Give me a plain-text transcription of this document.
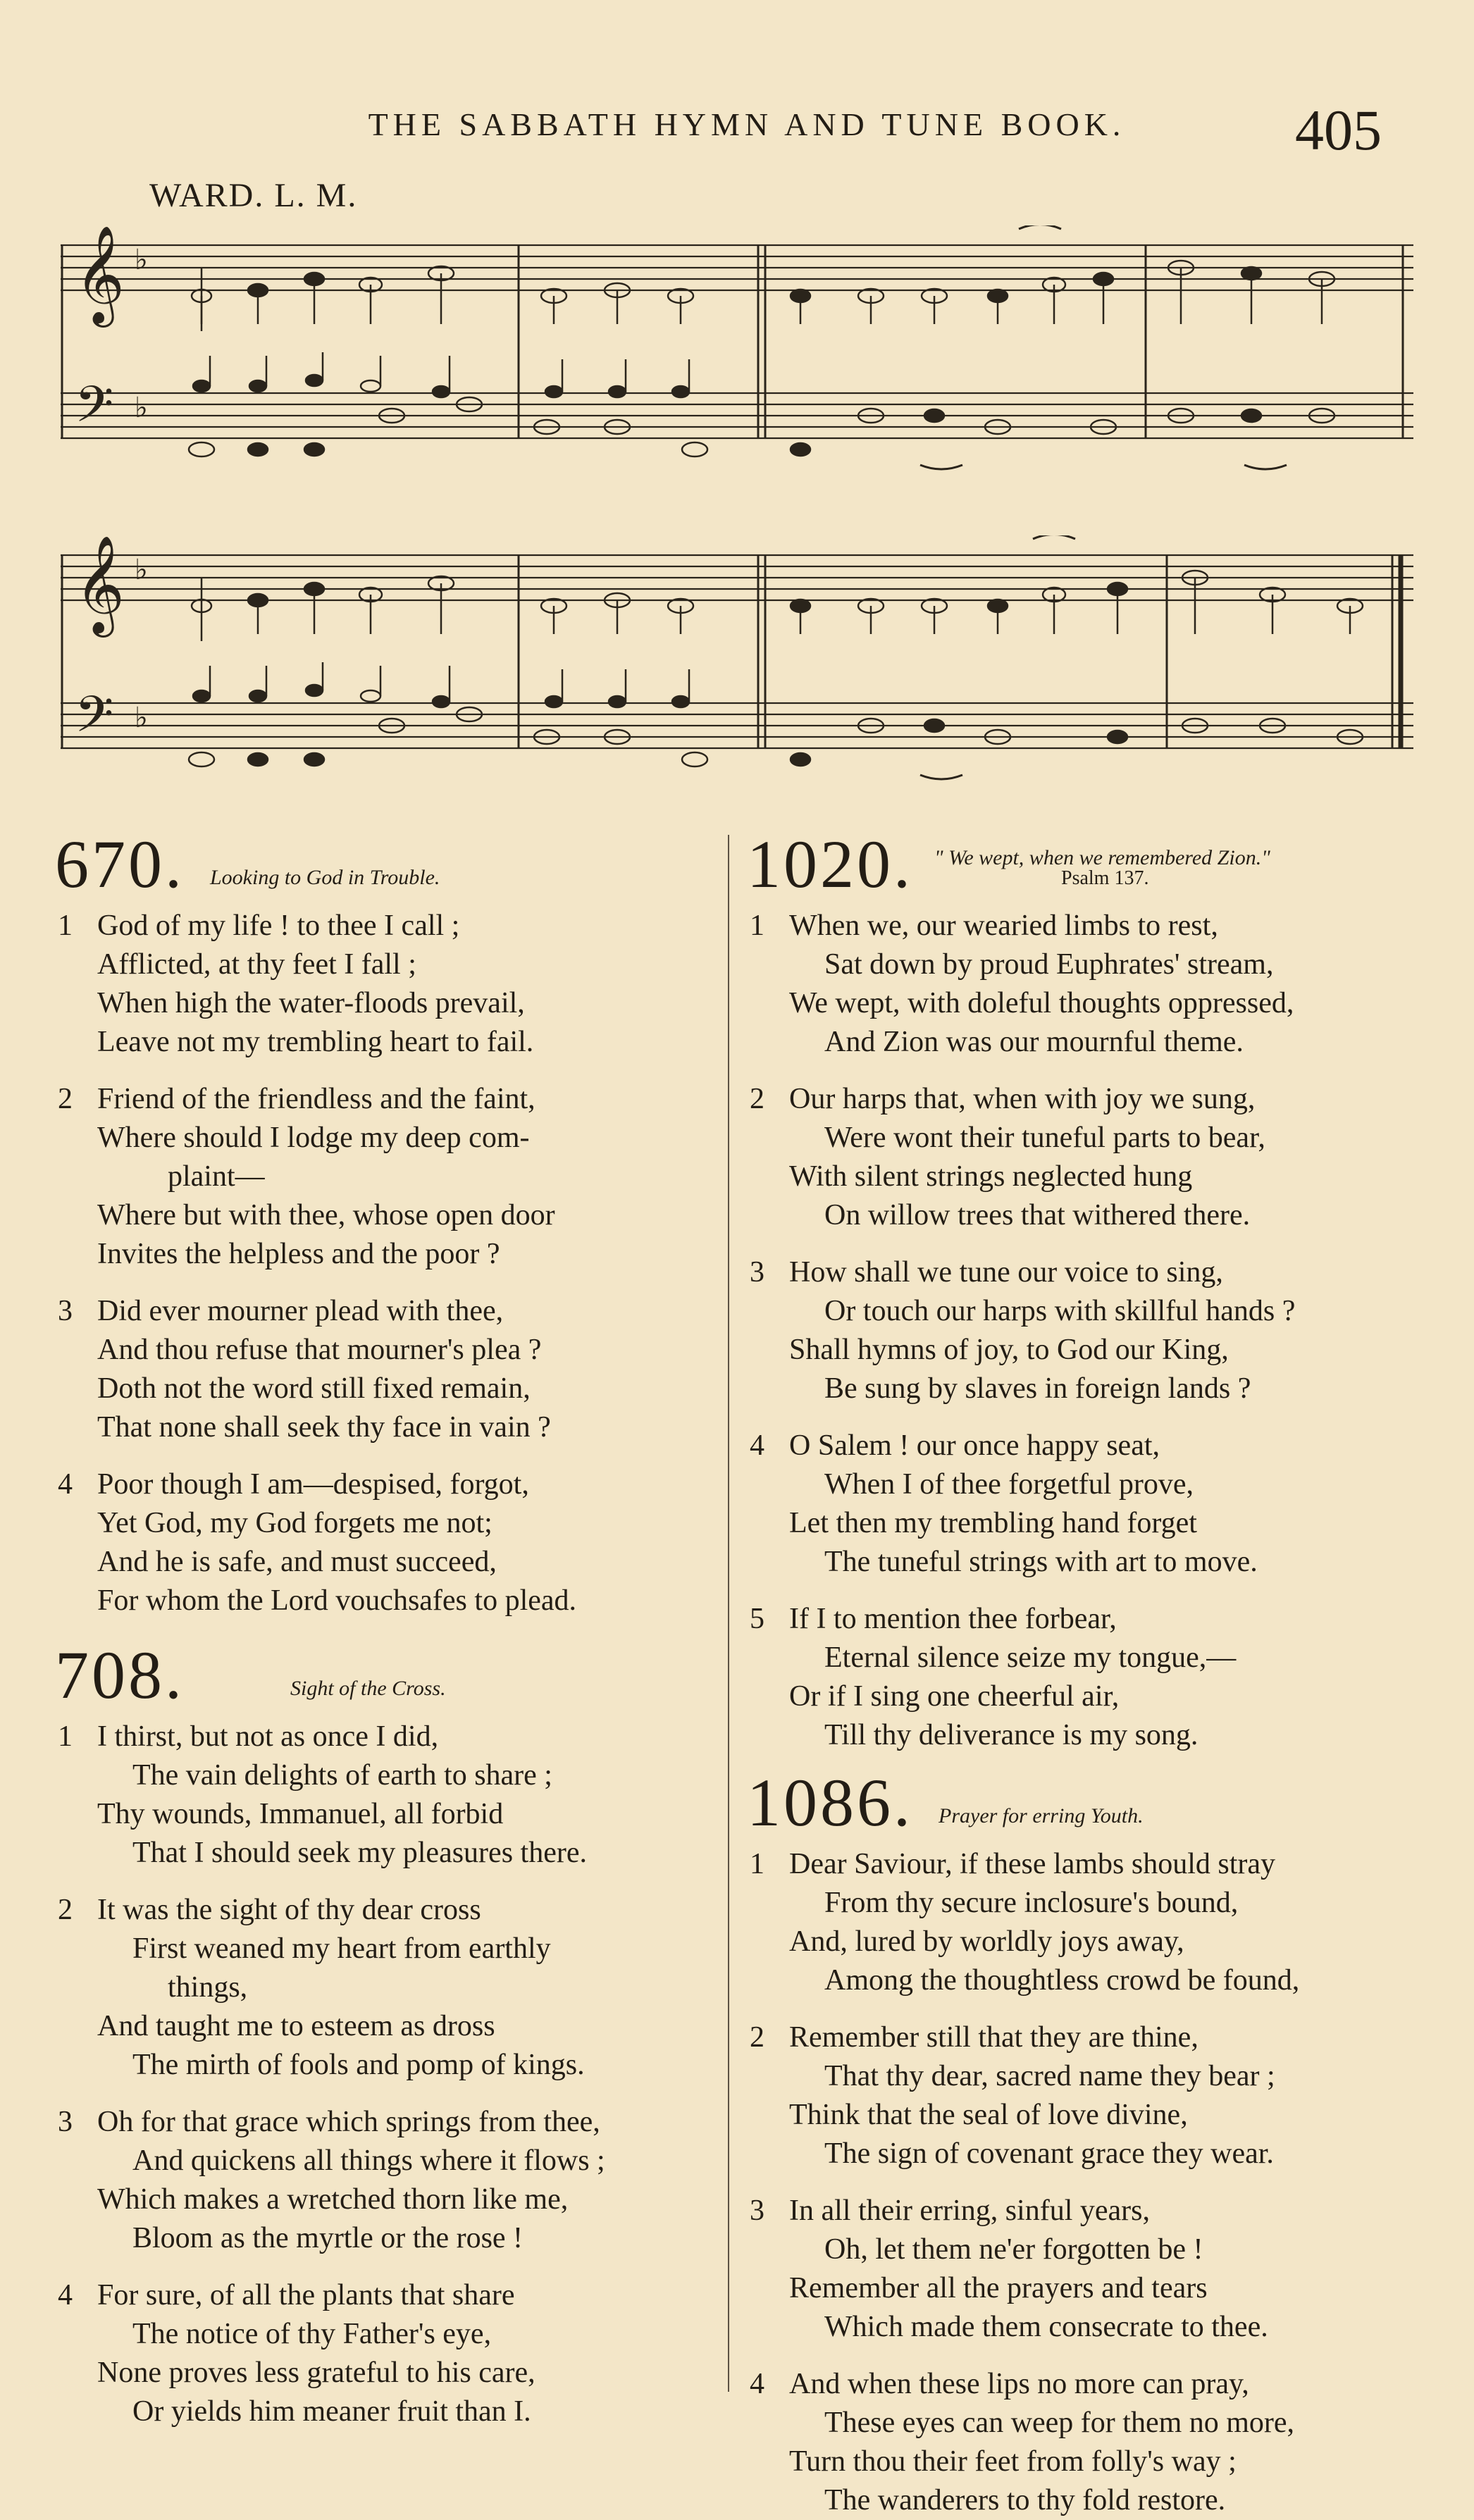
THE SABBATH HYMN AND TUNE BOOK.	405
WARD. L. M.
𝄞
𝄢
♭
♭
𝄞
𝄢
♭
♭
670. Looking to God in Trouble.
1 God of my life ! to thee I call ;
Afflicted, at thy feet I fall ;
When high the water-floods prevail,
Leave not my trembling heart to fail.
2 Friend of the friendless and the faint,
Where should I lodge my deep com-
plaint—
Where but with thee, whose open door
Invites the helpless and the poor ?
3 Did ever mourner plead with thee,
And thou refuse that mourner's plea ?
Doth not the word still fixed remain,
That none shall seek thy face in vain ?
4 Poor though I am—despised, forgot,
Yet God, my God forgets me not;
And he is safe, and must succeed,
For whom the Lord vouchsafes to plead.
708.	Sight of the Cross.
1 I thirst, but not as once I did,
The vain delights of earth to share ;
Thy wounds, Immanuel, all forbid
That I should seek my pleasures there.
2 It was the sight of thy dear cross
First weaned my heart from earthly
things,
And taught me to esteem as dross
The mirth of fools and pomp of kings.
3 Oh for that grace which springs from thee,
And quickens all things where it flows ;
Which makes a wretched thorn like me,
Bloom as the myrtle or the rose !
4 For sure, of all the plants that share
The notice of thy Father's eye,
None proves less grateful to his care,
Or yields him meaner fruit than I.
1020. " We wept, when we remembered Zion."
Psalm 137.
1 When we, our wearied limbs to rest,
Sat down by proud Euphrates' stream,
We wept, with doleful thoughts oppressed,
And Zion was our mournful theme.
2 Our harps that, when with joy we sung,
Were wont their tuneful parts to bear,
With silent strings neglected hung
On willow trees that withered there.
3 How shall we tune our voice to sing,
Or touch our harps with skillful hands ?
Shall hymns of joy, to God our King,
Be sung by slaves in foreign lands ?
4 O Salem ! our once happy seat,
When I of thee forgetful prove,
Let then my trembling hand forget
The tuneful strings with art to move.
5 If I to mention thee forbear,
Eternal silence seize my tongue,—
Or if I sing one cheerful air,
Till thy deliverance is my song.
1086. Prayer for erring Youth.
1 Dear Saviour, if these lambs should stray
From thy secure inclosure's bound,
And, lured by worldly joys away,
Among the thoughtless crowd be found,
2 Remember still that they are thine,
That thy dear, sacred name they bear ;
Think that the seal of love divine,
The sign of covenant grace they wear.
3 In all their erring, sinful years,
Oh, let them ne'er forgotten be !
Remember all the prayers and tears
Which made them consecrate to thee.
4 And when these lips no more can pray,
These eyes can weep for them no more,
Turn thou their feet from folly's way ;
The wanderers to thy fold restore.
